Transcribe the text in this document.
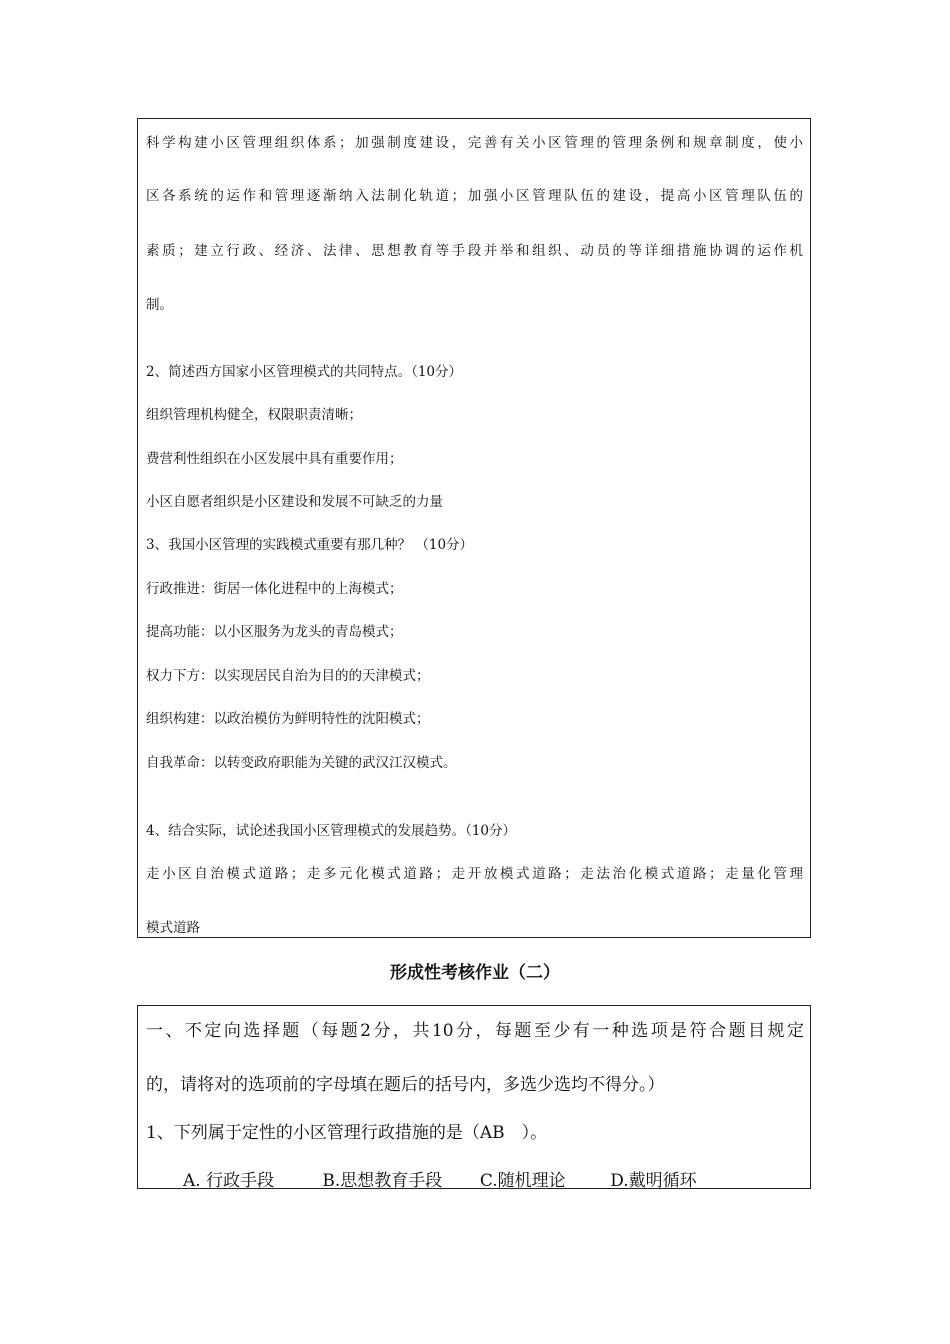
科学构建小区管理组织体系；加强制度建设，完善有关小区管理的管理条例和规章制度，使小
区各系统的运作和管理逐渐纳入法制化轨道；加强小区管理队伍的建设，提高小区管理队伍的
素质；建立行政、经济、法律、思想教育等手段并举和组织、动员的等详细措施协调的运作机
制。
2、简述西方国家小区管理模式的共同特点。（10分）
组织管理机构健全，权限职责清晰；
费营利性组织在小区发展中具有重要作用；
小区自愿者组织是小区建设和发展不可缺乏的力量
3、我国小区管理的实践模式重要有那几种？ （10分）
行政推进：街居一体化进程中的上海模式；
提高功能：以小区服务为龙头的青岛模式；
权力下方：以实现居民自治为目的的天津模式；
组织构建：以政治模仿为鲜明特性的沈阳模式；
自我革命：以转变政府职能为关键的武汉江汉模式。
4、结合实际，试论述我国小区管理模式的发展趋势。（10分）
走小区自治模式道路；走多元化模式道路；走开放模式道路；走法治化模式道路；走量化管理
模式道路
形成性考核作业（二）
一、不定向选择题（每题2分，共10分，每题至少有一种选项是符合题目规定
的，请将对的选项前的字母填在题后的括号内，多选少选均不得分。）
1、下列属于定性的小区管理行政措施的是（AB　）。
A. 行政手段	B.思想教育手段 C.随机理论	D.戴明循环
